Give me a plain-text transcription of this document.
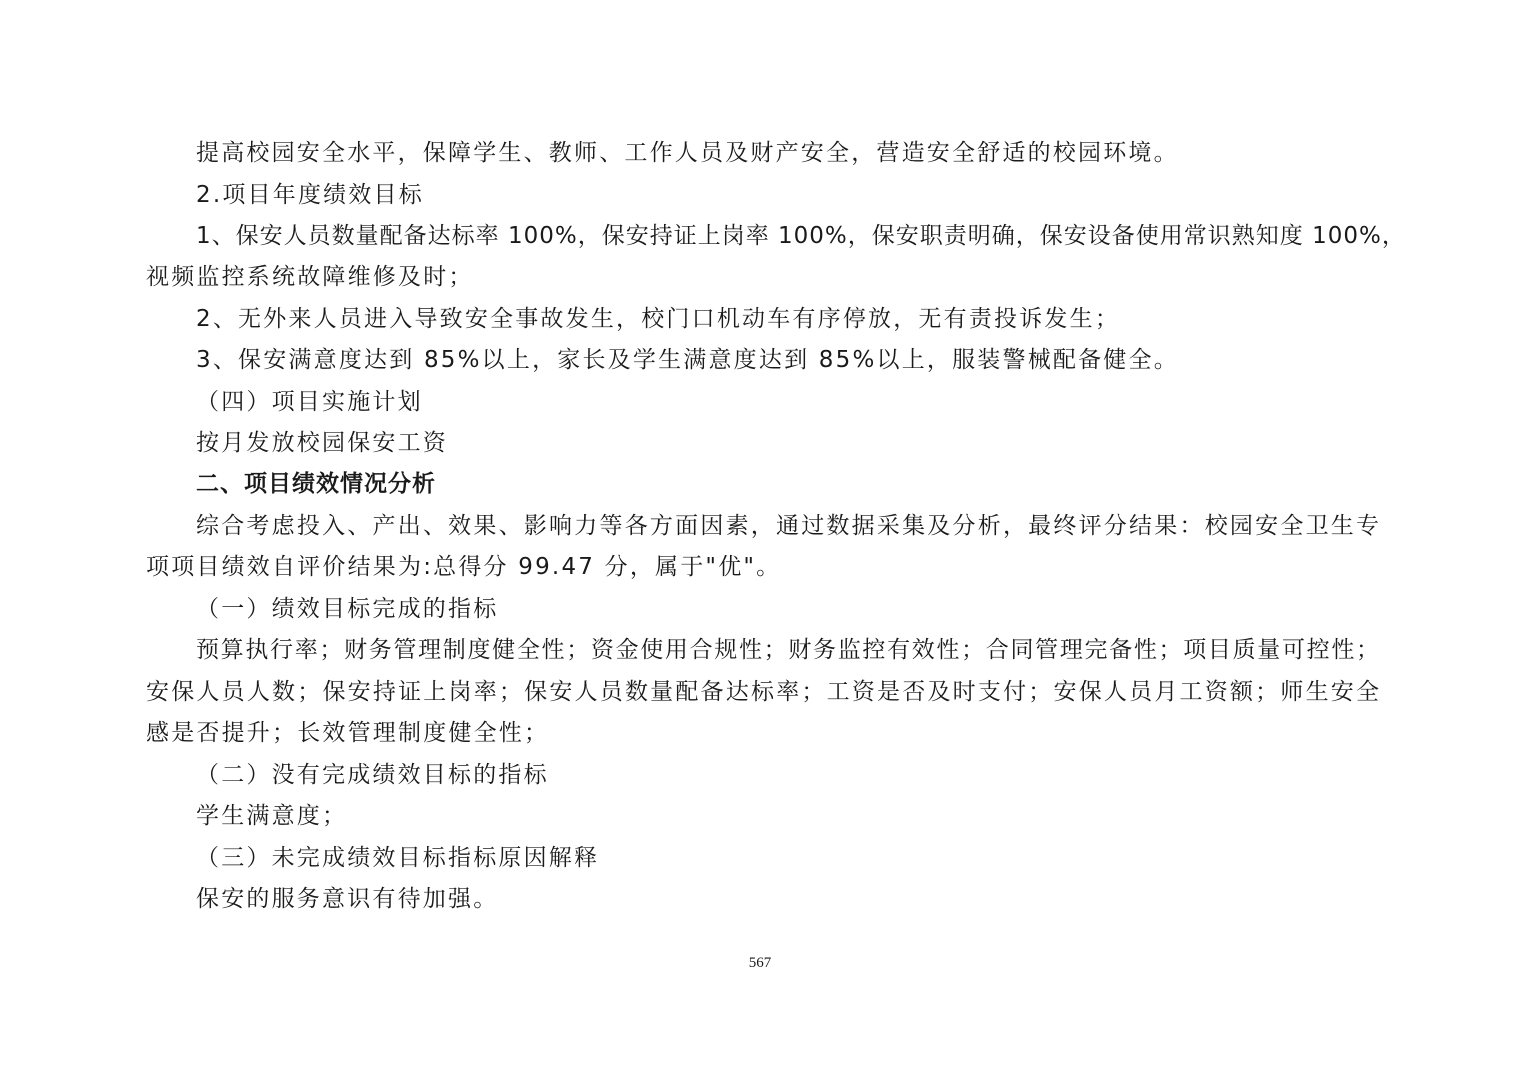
提高校园安全水平，保障学生、教师、工作人员及财产安全，营造安全舒适的校园环境。
2.项目年度绩效目标
1、保安人员数量配备达标率 100%，保安持证上岗率 100%，保安职责明确，保安设备使用常识熟知度 100%，
视频监控系统故障维修及时；
2、无外来人员进入导致安全事故发生，校门口机动车有序停放，无有责投诉发生；
3、保安满意度达到 85%以上，家长及学生满意度达到 85%以上，服装警械配备健全。
（四）项目实施计划
按月发放校园保安工资
二、项目绩效情况分析
综合考虑投入、产出、效果、影响力等各方面因素，通过数据采集及分析，最终评分结果：校园安全卫生专
项项目绩效自评价结果为:总得分 99.47 分，属于"优"。
（一）绩效目标完成的指标
预算执行率；财务管理制度健全性；资金使用合规性；财务监控有效性；合同管理完备性；项目质量可控性；
安保人员人数；保安持证上岗率；保安人员数量配备达标率；工资是否及时支付；安保人员月工资额；师生安全
感是否提升；长效管理制度健全性；
（二）没有完成绩效目标的指标
学生满意度；
（三）未完成绩效目标指标原因解释
保安的服务意识有待加强。
567
